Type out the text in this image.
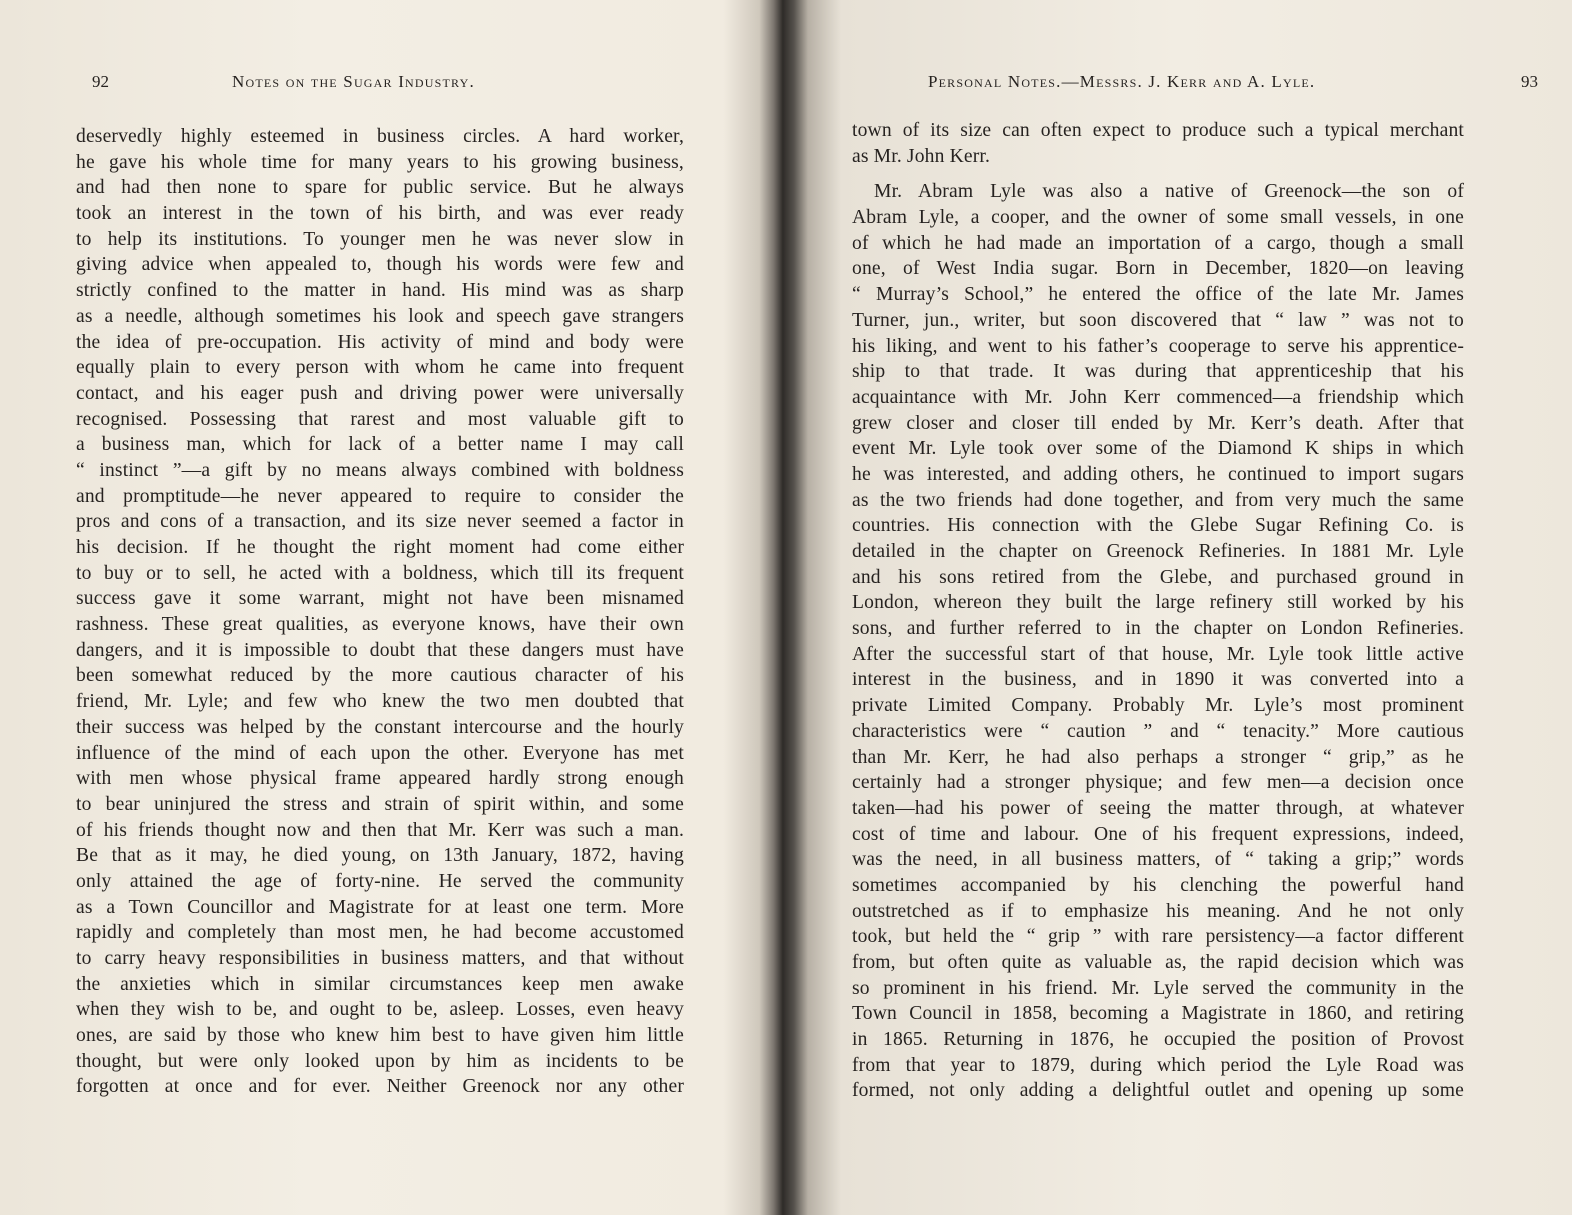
92	Notes on the Sugar Industry.
deservedly highly esteemed in business circles. A hard worker,
he gave his whole time for many years to his growing business,
and had then none to spare for public service. But he always
took an interest in the town of his birth, and was ever ready
to help its institutions. To younger men he was never slow in
giving advice when appealed to, though his words were few and
strictly confined to the matter in hand. His mind was as sharp
as a needle, although sometimes his look and speech gave strangers
the idea of pre-occupation. His activity of mind and body were
equally plain to every person with whom he came into frequent
contact, and his eager push and driving power were universally
recognised. Possessing that rarest and most valuable gift to
a business man, which for lack of a better name I may call
“ instinct ”—a gift by no means always combined with boldness
and promptitude—he never appeared to require to consider the
pros and cons of a transaction, and its size never seemed a factor in
his decision. If he thought the right moment had come either
to buy or to sell, he acted with a boldness, which till its frequent
success gave it some warrant, might not have been misnamed
rashness. These great qualities, as everyone knows, have their own
dangers, and it is impossible to doubt that these dangers must have
been somewhat reduced by the more cautious character of his
friend, Mr. Lyle; and few who knew the two men doubted that
their success was helped by the constant intercourse and the hourly
influence of the mind of each upon the other. Everyone has met
with men whose physical frame appeared hardly strong enough
to bear uninjured the stress and strain of spirit within, and some
of his friends thought now and then that Mr. Kerr was such a man.
Be that as it may, he died young, on 13th January, 1872, having
only attained the age of forty-nine. He served the community
as a Town Councillor and Magistrate for at least one term. More
rapidly and completely than most men, he had become accustomed
to carry heavy responsibilities in business matters, and that without
the anxieties which in similar circumstances keep men awake
when they wish to be, and ought to be, asleep. Losses, even heavy
ones, are said by those who knew him best to have given him little
thought, but were only looked upon by him as incidents to be
forgotten at once and for ever. Neither Greenock nor any other
Personal Notes.—Messrs. J. Kerr and A. Lyle.	93
town of its size can often expect to produce such a typical merchant
as Mr. John Kerr.
Mr. Abram Lyle was also a native of Greenock—the son of
Abram Lyle, a cooper, and the owner of some small vessels, in one
of which he had made an importation of a cargo, though a small
one, of West India sugar. Born in December, 1820—on leaving
“ Murray’s School,” he entered the office of the late Mr. James
Turner, jun., writer, but soon discovered that “ law ” was not to
his liking, and went to his father’s cooperage to serve his apprentice-
ship to that trade. It was during that apprenticeship that his
acquaintance with Mr. John Kerr commenced—a friendship which
grew closer and closer till ended by Mr. Kerr’s death. After that
event Mr. Lyle took over some of the Diamond K ships in which
he was interested, and adding others, he continued to import sugars
as the two friends had done together, and from very much the same
countries. His connection with the Glebe Sugar Refining Co. is
detailed in the chapter on Greenock Refineries. In 1881 Mr. Lyle
and his sons retired from the Glebe, and purchased ground in
London, whereon they built the large refinery still worked by his
sons, and further referred to in the chapter on London Refineries.
After the successful start of that house, Mr. Lyle took little active
interest in the business, and in 1890 it was converted into a
private Limited Company. Probably Mr. Lyle’s most prominent
characteristics were “ caution ” and “ tenacity.” More cautious
than Mr. Kerr, he had also perhaps a stronger “ grip,” as he
certainly had a stronger physique; and few men—a decision once
taken—had his power of seeing the matter through, at whatever
cost of time and labour. One of his frequent expressions, indeed,
was the need, in all business matters, of “ taking a grip;” words
sometimes accompanied by his clenching the powerful hand
outstretched as if to emphasize his meaning. And he not only
took, but held the “ grip ” with rare persistency—a factor different
from, but often quite as valuable as, the rapid decision which was
so prominent in his friend. Mr. Lyle served the community in the
Town Council in 1858, becoming a Magistrate in 1860, and retiring
in 1865. Returning in 1876, he occupied the position of Provost
from that year to 1879, during which period the Lyle Road was
formed, not only adding a delightful outlet and opening up some
